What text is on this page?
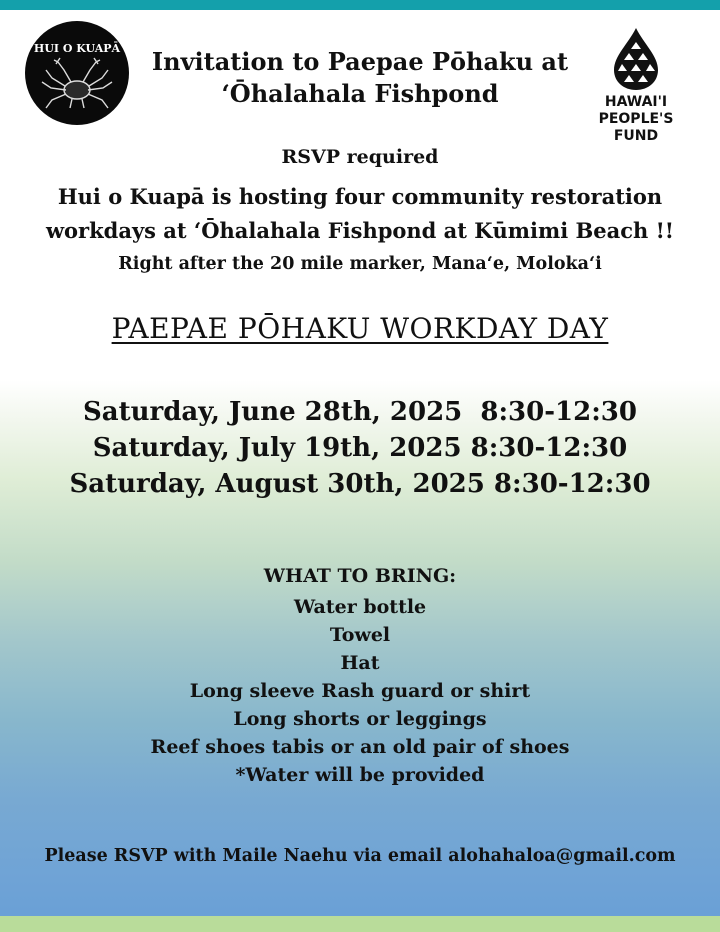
HUI O KUAPĀ
HAWAI'I
PEOPLE'S FUND
Invitation to Paepae Pōhaku at
ʻŌhalahala Fishpond
RSVP required
Hui o Kuapā is hosting four community restoration
workdays at ʻŌhalahala Fishpond at Kūmimi Beach !!
Right after the 20 mile marker, Manaʻe, Molokaʻi
PAEPAE PŌHAKU WORKDAY DAY
Saturday, June 28th, 2025  8:30-12:30
Saturday, July 19th, 2025 8:30-12:30
Saturday, August 30th, 2025 8:30-12:30
WHAT TO BRING:
Water bottle
Towel
Hat
Long sleeve Rash guard or shirt
Long shorts or leggings
Reef shoes tabis or an old pair of shoes
*Water will be provided
Please RSVP with Maile Naehu via email alohahaloa@gmail.com
